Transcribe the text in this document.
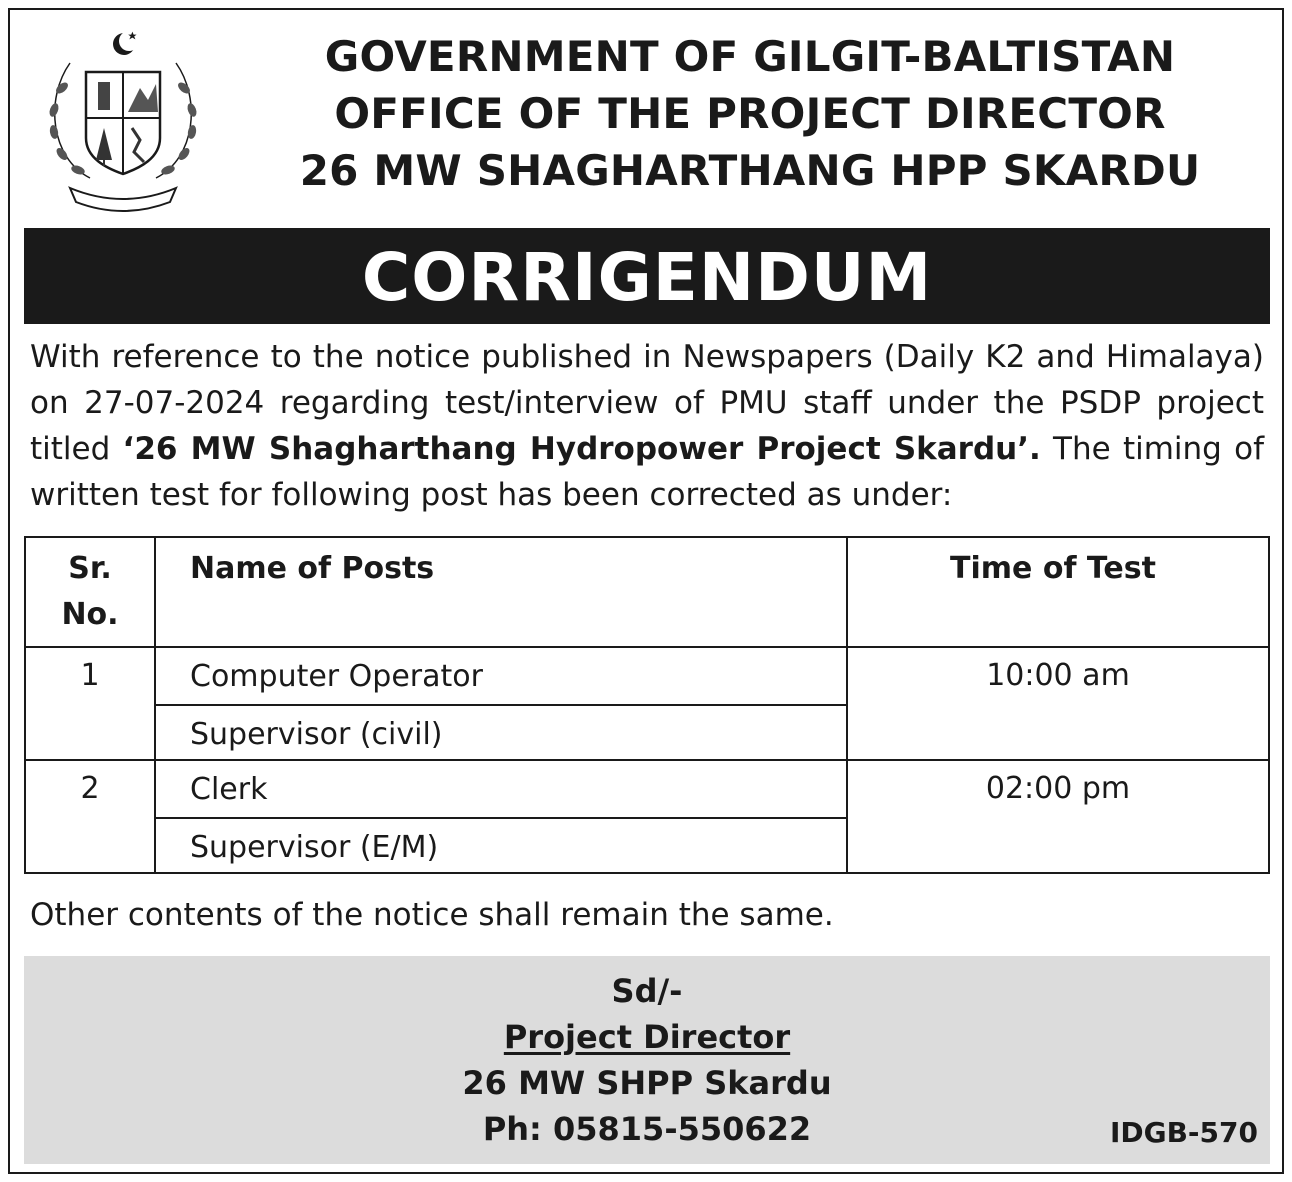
GOVERNMENT OF GILGIT-BALTISTAN
OFFICE OF THE PROJECT DIRECTOR
26 MW SHAGHARTHANG HPP SKARDU
CORRIGENDUM
With reference to the notice published in Newspapers (Daily K2 and Himalaya) on 27-07-2024 regarding test/interview of PMU staff under the PSDP project titled ‘26 MW Shagharthang Hydropower Project Skardu’. The timing of written test for following post has been corrected as under:
Sr.
No.	Name of Posts	Time of Test
1	Computer Operator	10:00 am
	Supervisor (civil)	
2	Clerk	02:00 pm
	Supervisor (E/M)	
Other contents of the notice shall remain the same.
Sd/-
Project Director
26 MW SHPP Skardu
Ph: 05815-550622	IDGB-570
